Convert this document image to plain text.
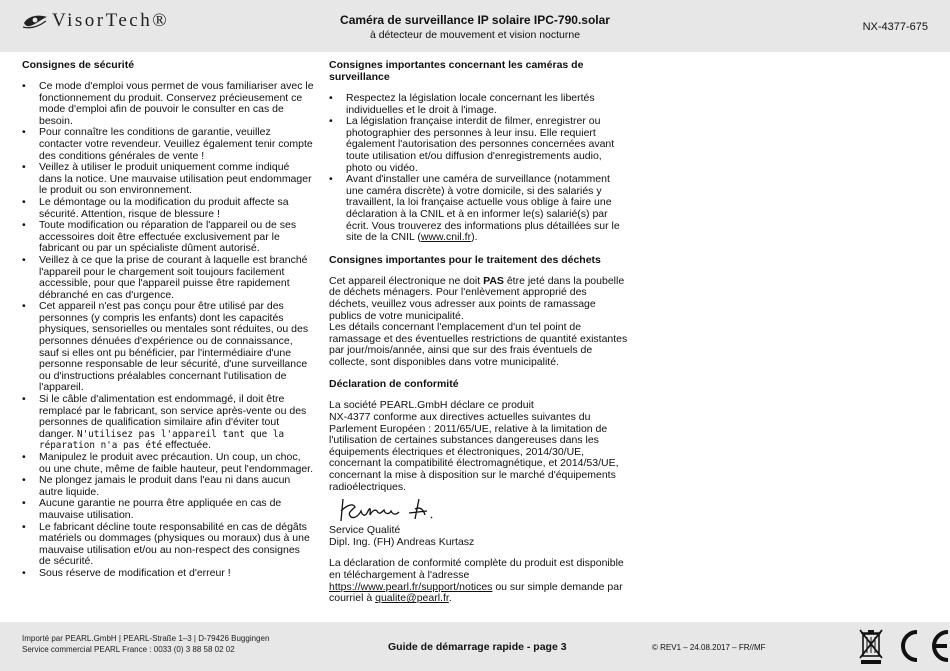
VisorTech®	Caméra de surveillance IP solaire IPC-790.solar
à détecteur de mouvement et vision nocturne
NX-4377-675
Consignes de sécurité
• Ce mode d'emploi vous permet de vous familiariser avec le fonctionnement du produit. Conservez précieusement ce mode d'emploi afin de pouvoir le consulter en cas de besoin.
• Pour connaître les conditions de garantie, veuillez contacter votre revendeur. Veuillez également tenir compte des conditions générales de vente !
• Veillez à utiliser le produit uniquement comme indiqué dans la notice. Une mauvaise utilisation peut endommager le produit ou son environnement.
• Le démontage ou la modification du produit affecte sa sécurité. Attention, risque de blessure !
• Toute modification ou réparation de l'appareil ou de ses accessoires doit être effectuée exclusivement par le fabricant ou par un spécialiste dûment autorisé.
• Veillez à ce que la prise de courant à laquelle est branché l'appareil pour le chargement soit toujours facilement accessible, pour que l'appareil puisse être rapidement débranché en cas d'urgence.
• Cet appareil n'est pas conçu pour être utilisé par des personnes (y compris les enfants) dont les capacités physiques, sensorielles ou mentales sont réduites, ou des personnes dénuées d'expérience ou de connaissance, sauf si elles ont pu bénéficier, par l'intermédiaire d'une personne responsable de leur sécurité, d'une surveillance ou d'instructions préalables concernant l'utilisation de l'appareil.
• Si le câble d'alimentation est endommagé, il doit être remplacé par le fabricant, son service après-vente ou des personnes de qualification similaire afin d'éviter tout danger. N'utilisez pas l'appareil tant que la réparation n'a pas été effectuée.
• Manipulez le produit avec précaution. Un coup, un choc, ou une chute, même de faible hauteur, peut l'endommager.
• Ne plongez jamais le produit dans l'eau ni dans aucun autre liquide.
• Aucune garantie ne pourra être appliquée en cas de mauvaise utilisation.
• Le fabricant décline toute responsabilité en cas de dégâts matériels ou dommages (physiques ou moraux) dus à une mauvaise utilisation et/ou au non-respect des consignes de sécurité.
• Sous réserve de modification et d'erreur !
Consignes importantes concernant les caméras de surveillance
• Respectez la législation locale concernant les libertés individuelles et le droit à l'image.
• La législation française interdit de filmer, enregistrer ou photographier des personnes à leur insu. Elle requiert également l'autorisation des personnes concernées avant toute utilisation et/ou diffusion d'enregistrements audio, photo ou vidéo.
• Avant d'installer une caméra de surveillance (notamment une caméra discrète) à votre domicile, si des salariés y travaillent, la loi française actuelle vous oblige à faire une déclaration à la CNIL et à en informer le(s) salarié(s) par écrit. Vous trouverez des informations plus détaillées sur le site de la CNIL (www.cnil.fr).
Consignes importantes pour le traitement des déchets

Cet appareil électronique ne doit PAS être jeté dans la poubelle de déchets ménagers. Pour l'enlèvement approprié des déchets, veuillez vous adresser aux points de ramassage publics de votre municipalité.
Les détails concernant l'emplacement d'un tel point de ramassage et des éventuelles restrictions de quantité existantes par jour/mois/année, ainsi que sur des frais éventuels de collecte, sont disponibles dans votre municipalité.

Déclaration de conformité

La société PEARL.GmbH déclare ce produit
NX-4377 conforme aux directives actuelles suivantes du Parlement Européen : 2011/65/UE, relative à la limitation de l'utilisation de certaines substances dangereuses dans les équipements électriques et électroniques, 2014/30/UE, concernant la compatibilité électromagnétique, et 2014/53/UE, concernant la mise à disposition sur le marché d'équipements radioélectriques.

Service Qualité

Dipl. Ing. (FH) Andreas Kurtasz

La déclaration de conformité complète du produit est disponible en téléchargement à l'adresse
https://www.pearl.fr/support/notices ou sur simple demande par courriel à qualite@pearl.fr.

Importé par PEARL.GmbH | PEARL-Straße 1–3 | D-79426 Buggingen
Service commercial PEARL France : 0033 (0) 3 88 58 02 02	Guide de démarrage rapide - page 3	© REV1 – 24.08.2017 – FR//MF
